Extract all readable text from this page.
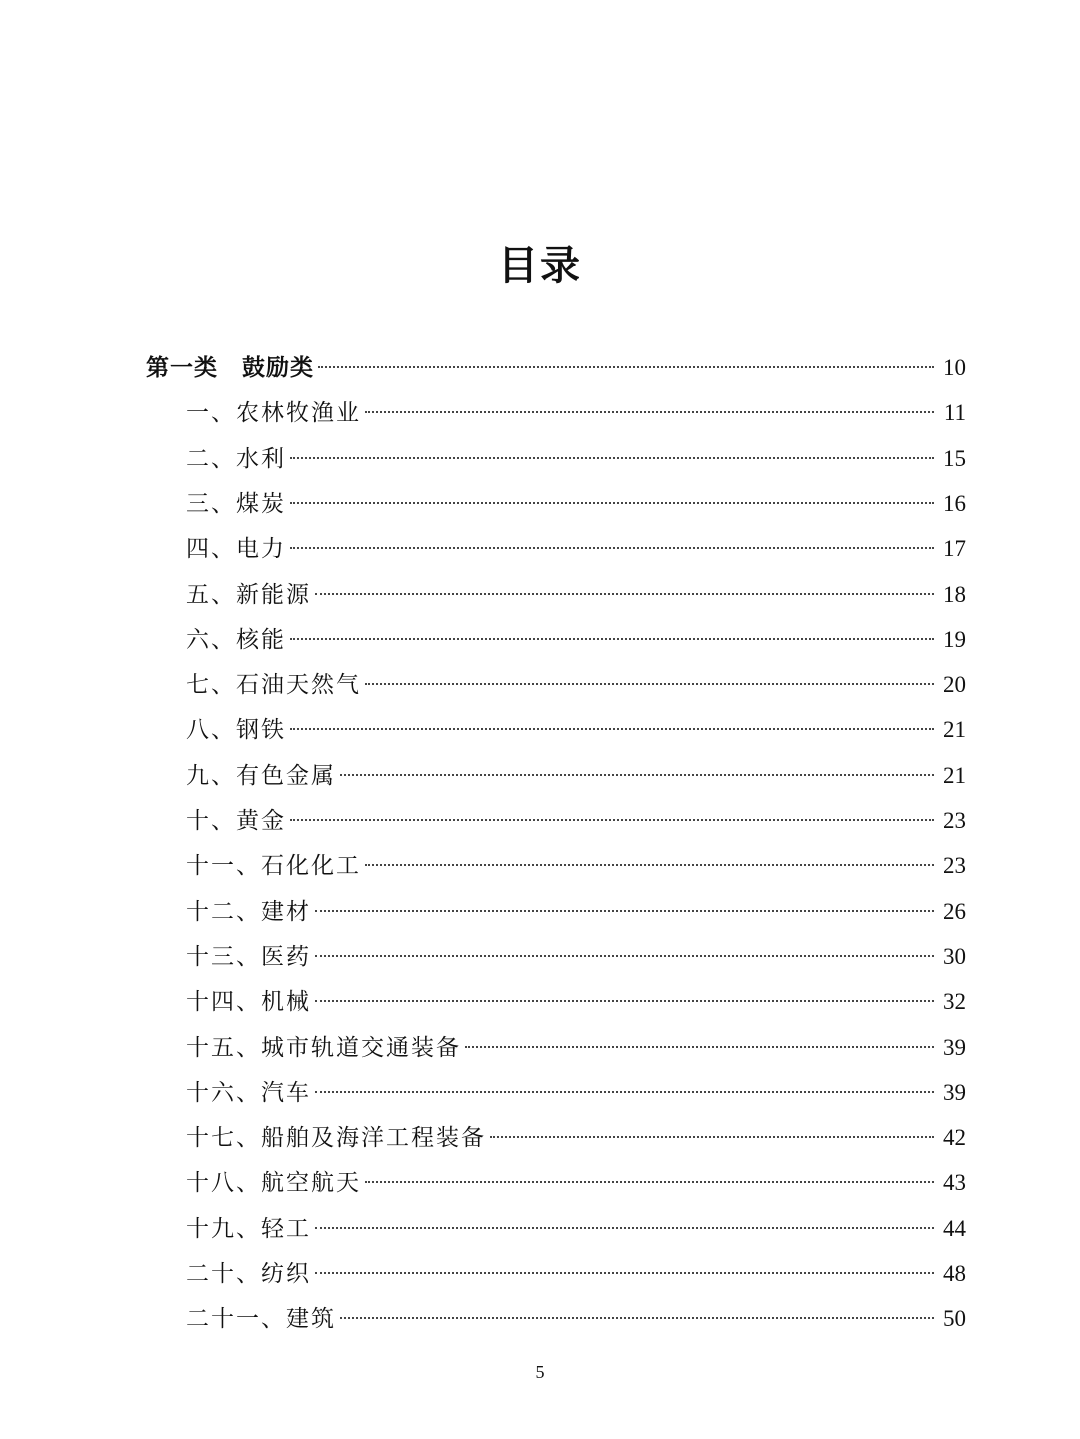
目录
第一类　鼓励类	10
一、农林牧渔业	11
二、水利	15
三、煤炭	16
四、电力	17
五、新能源	18
六、核能	19
七、石油天然气	20
八、钢铁	21
九、有色金属	21
十、黄金	23
十一、石化化工	23
十二、建材	26
十三、医药	30
十四、机械	32
十五、城市轨道交通装备	39
十六、汽车	39
十七、船舶及海洋工程装备	42
十八、航空航天	43
十九、轻工	44
二十、纺织	48
二十一、建筑	50
5
